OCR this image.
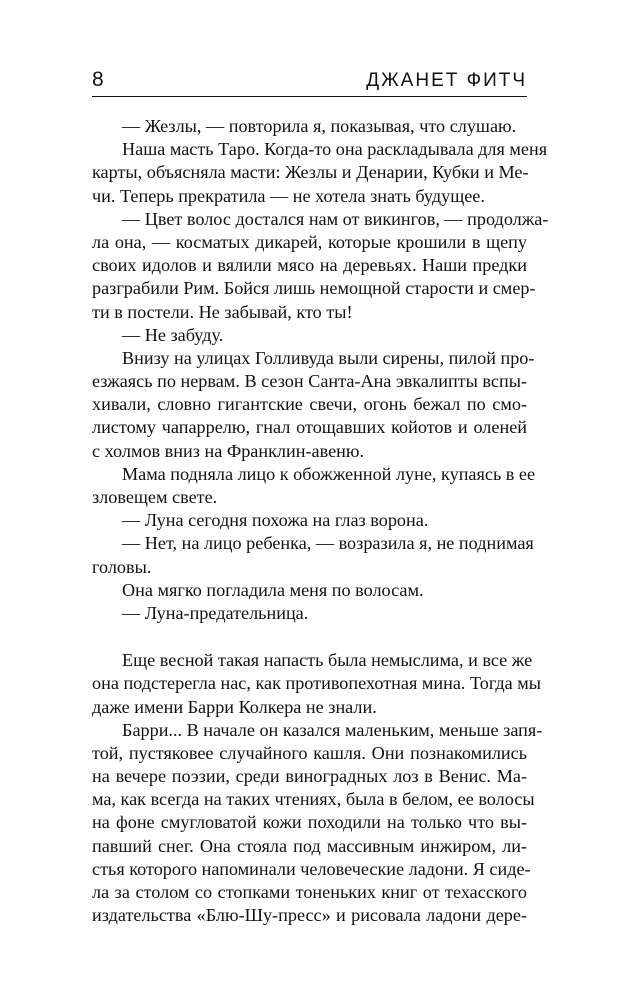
8	ДЖАНЕТ ФИТЧ
— Жезлы, — повторила я, показывая, что слушаю.
Наша масть Таро. Когда-то она раскладывала для меня
карты, объясняла масти: Жезлы и Денарии, Кубки и Ме-
чи. Теперь прекратила — не хотела знать будущее.
— Цвет волос достался нам от викингов, — продолжа-
ла она, — косматых дикарей, которые крошили в щепу
своих идолов и вялили мясо на деревьях. Наши предки
разграбили Рим. Бойся лишь немощной старости и смер-
ти в постели. Не забывай, кто ты!
— Не забуду.
Внизу на улицах Голливуда выли сирены, пилой про-
езжаясь по нервам. В сезон Санта-Ана эвкалипты вспы-
хивали, словно гигантские свечи, огонь бежал по смо-
листому чапаррелю, гнал отощавших койотов и оленей
с холмов вниз на Франклин-авеню.
Мама подняла лицо к обожженной луне, купаясь в ее
зловещем свете.
— Луна сегодня похожа на глаз ворона.
— Нет, на лицо ребенка, — возразила я, не поднимая
головы.
Она мягко погладила меня по волосам.
— Луна-предательница.
Еще весной такая напасть была немыслима, и все же
она подстерегла нас, как противопехотная мина. Тогда мы
даже имени Барри Колкера не знали.
Барри... В начале он казался маленьким, меньше запя-
той, пустяковее случайного кашля. Они познакомились
на вечере поэзии, среди виноградных лоз в Венис. Ма-
ма, как всегда на таких чтениях, была в белом, ее волосы
на фоне смугловатой кожи походили на только что вы-
павший снег. Она стояла под массивным инжиром, ли-
стья которого напоминали человеческие ладони. Я сиде-
ла за столом со стопками тоненьких книг от техасского
издательства «Блю-Шу-пресс» и рисовала ладони дере-
